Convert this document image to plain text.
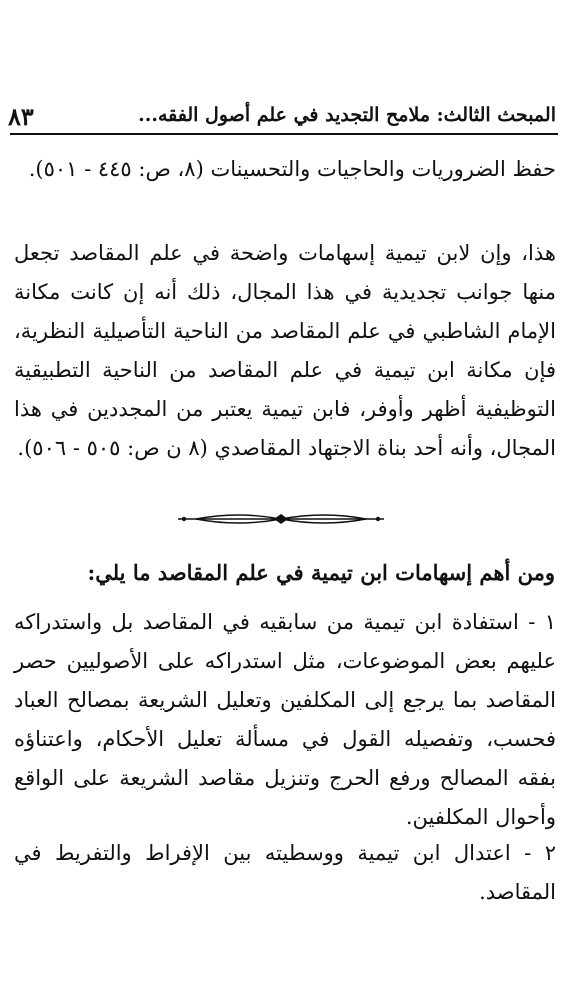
٨٣	المبحث الثالث: ملامح التجديد في علم أصول الفقه...

حفظ الضروريات والحاجيات والتحسينات (٨، ص: ٤٤٥ - ٥٠١).

هذا، وإن لابن تيمية إسهامات واضحة في علم المقاصد تجعل منها جوانب تجديدية في هذا المجال، ذلك أنه إن كانت مكانة الإمام الشاطبي في علم المقاصد من الناحية التأصيلية النظرية، فإن مكانة ابن تيمية في علم المقاصد من الناحية التطبيقية التوظيفية أظهر وأوفر، فابن تيمية يعتبر من المجددين في هذا المجال، وأنه أحد بناة الاجتهاد المقاصدي (٨ ن ص: ٥٠٥ - ٥٠٦).

ومن أهم إسهامات ابن تيمية في علم المقاصد ما يلي:

١ - استفادة ابن تيمية من سابقيه في المقاصد بل واستدراكه عليهم بعض الموضوعات، مثل استدراكه على الأصوليين حصر المقاصد بما يرجع إلى المكلفين وتعليل الشريعة بمصالح العباد فحسب، وتفصيله القول في مسألة تعليل الأحكام، واعتناؤه بفقه المصالح ورفع الحرج وتنزيل مقاصد الشريعة على الواقع وأحوال المكلفين.

٢ - اعتدال ابن تيمية ووسطيته بين الإفراط والتفريط في المقاصد.
